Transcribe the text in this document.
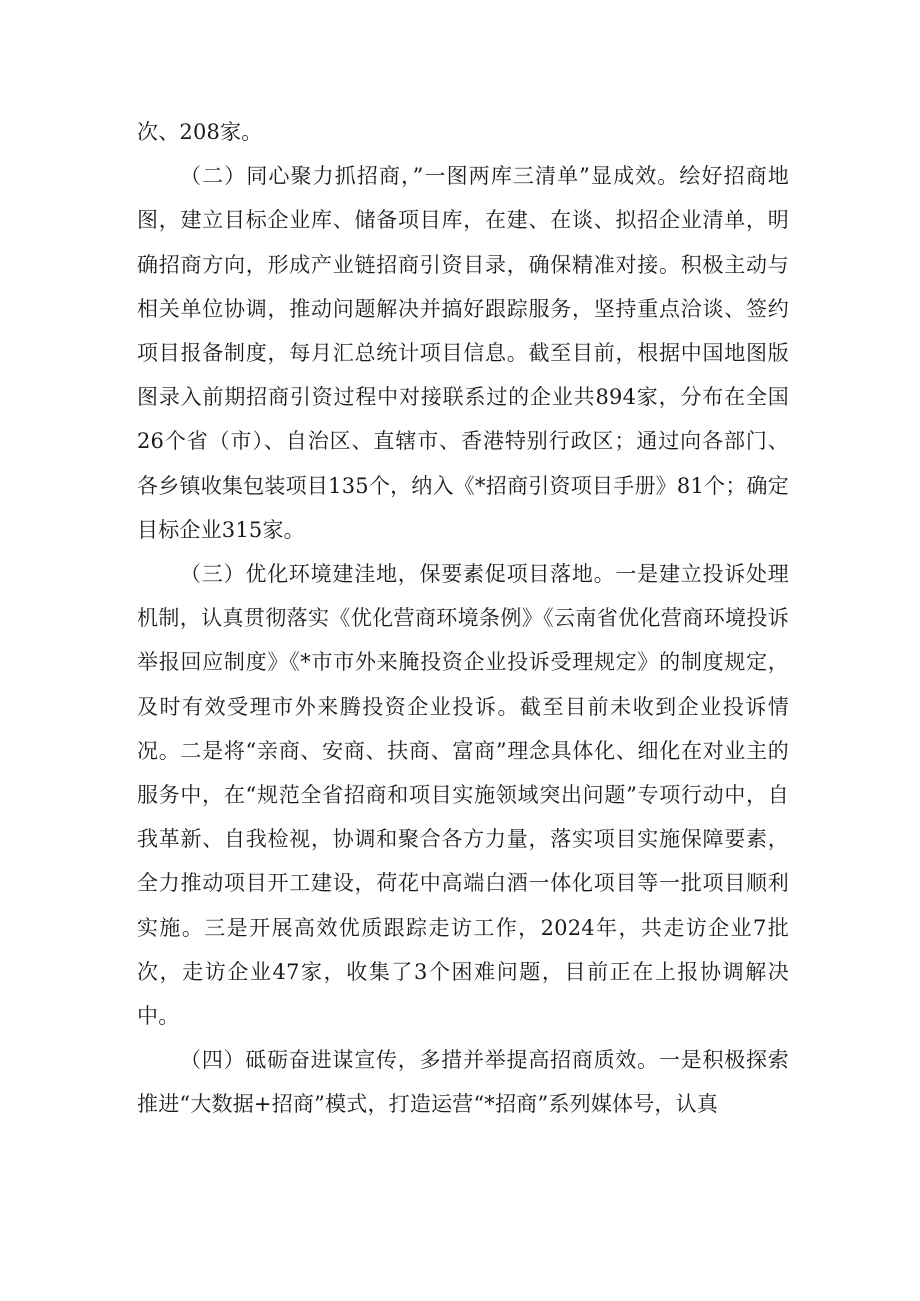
次、208家。

（二）同心聚力抓招商，”一图两库三清单”显成效。绘好招商地图，建立目标企业库、储备项目库，在建、在谈、拟招企业清单，明确招商方向，形成产业链招商引资目录，确保精准对接。积极主动与相关单位协调，推动问题解决并搞好跟踪服务，坚持重点洽谈、签约项目报备制度，每月汇总统计项目信息。截至目前，根据中国地图版图录入前期招商引资过程中对接联系过的企业共894家，分布在全国26个省（市）、自治区、直辖市、香港特别行政区；通过向各部门、各乡镇收集包装项目135个，纳入《*招商引资项目手册》81个；确定目标企业315家。

（三）优化环境建洼地，保要素促项目落地。一是建立投诉处理机制，认真贯彻落实《优化营商环境条例》《云南省优化营商环境投诉举报回应制度》《*市市外来腌投资企业投诉受理规定》的制度规定，及时有效受理市外来腾投资企业投诉。截至目前未收到企业投诉情况。二是将“亲商、安商、扶商、富商”理念具体化、细化在对业主的服务中，在“规范全省招商和项目实施领域突出问题”专项行动中，自我革新、自我检视，协调和聚合各方力量，落实项目实施保障要素，全力推动项目开工建设，荷花中高端白酒一体化项目等一批项目顺利实施。三是开展高效优质跟踪走访工作，2024年，共走访企业7批次，走访企业47家，收集了3个困难问题，目前正在上报协调解决中。

（四）砥砺奋进谋宣传，多措并举提高招商质效。一是积极探索推进“大数据+招商”模式，打造运营“*招商”系列媒体号，认真
